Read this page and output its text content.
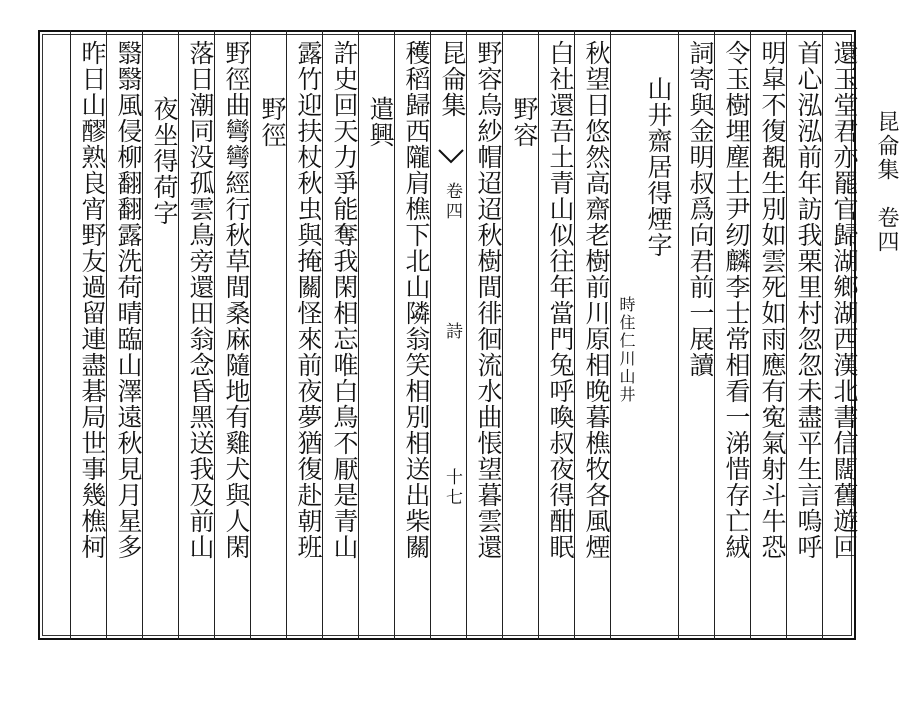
昆侖集　卷四
還玉堂君亦罷官歸湖鄉湖西漢北書信闊舊遊回
首心泓泓前年訪我栗里村忽忽未盡平生言嗚呼
明皐不復覩生別如雲死如雨應有寃氣射斗牛恐
令玉樹埋塵土尹纫麟李士常相看一涕惜存亡絨
詞寄與金明叔爲向君前一展讀
山井齋居得煙字
時住仁川山井
秋望日悠然高齋老樹前川原相晚暮樵牧各風煙
白社還吾土青山似往年當門兔呼喚叔夜得酣眠
野容
野容烏紗帽迢迢秋樹間徘徊流水曲悵望暮雲還
昆侖集
卷四
詩
十七
穫稻歸西隴肩樵下北山隣翁笑相別相送出柴關
遣興
許史回天力爭能奪我閑相忘唯白鳥不厭是青山
露竹迎扶杖秋虫與掩關怪來前夜夢猶復赴朝班
野徑
野徑曲彎彎經行秋草間桑麻隨地有雞犬與人閑
落日潮同没孤雲鳥旁還田翁念昏黑送我及前山
夜坐得荷字
翳翳風侵柳翻翻露洗荷晴臨山澤遠秋見月星多
昨日山醪熟良宵野友過留連盡碁局世事幾樵柯
